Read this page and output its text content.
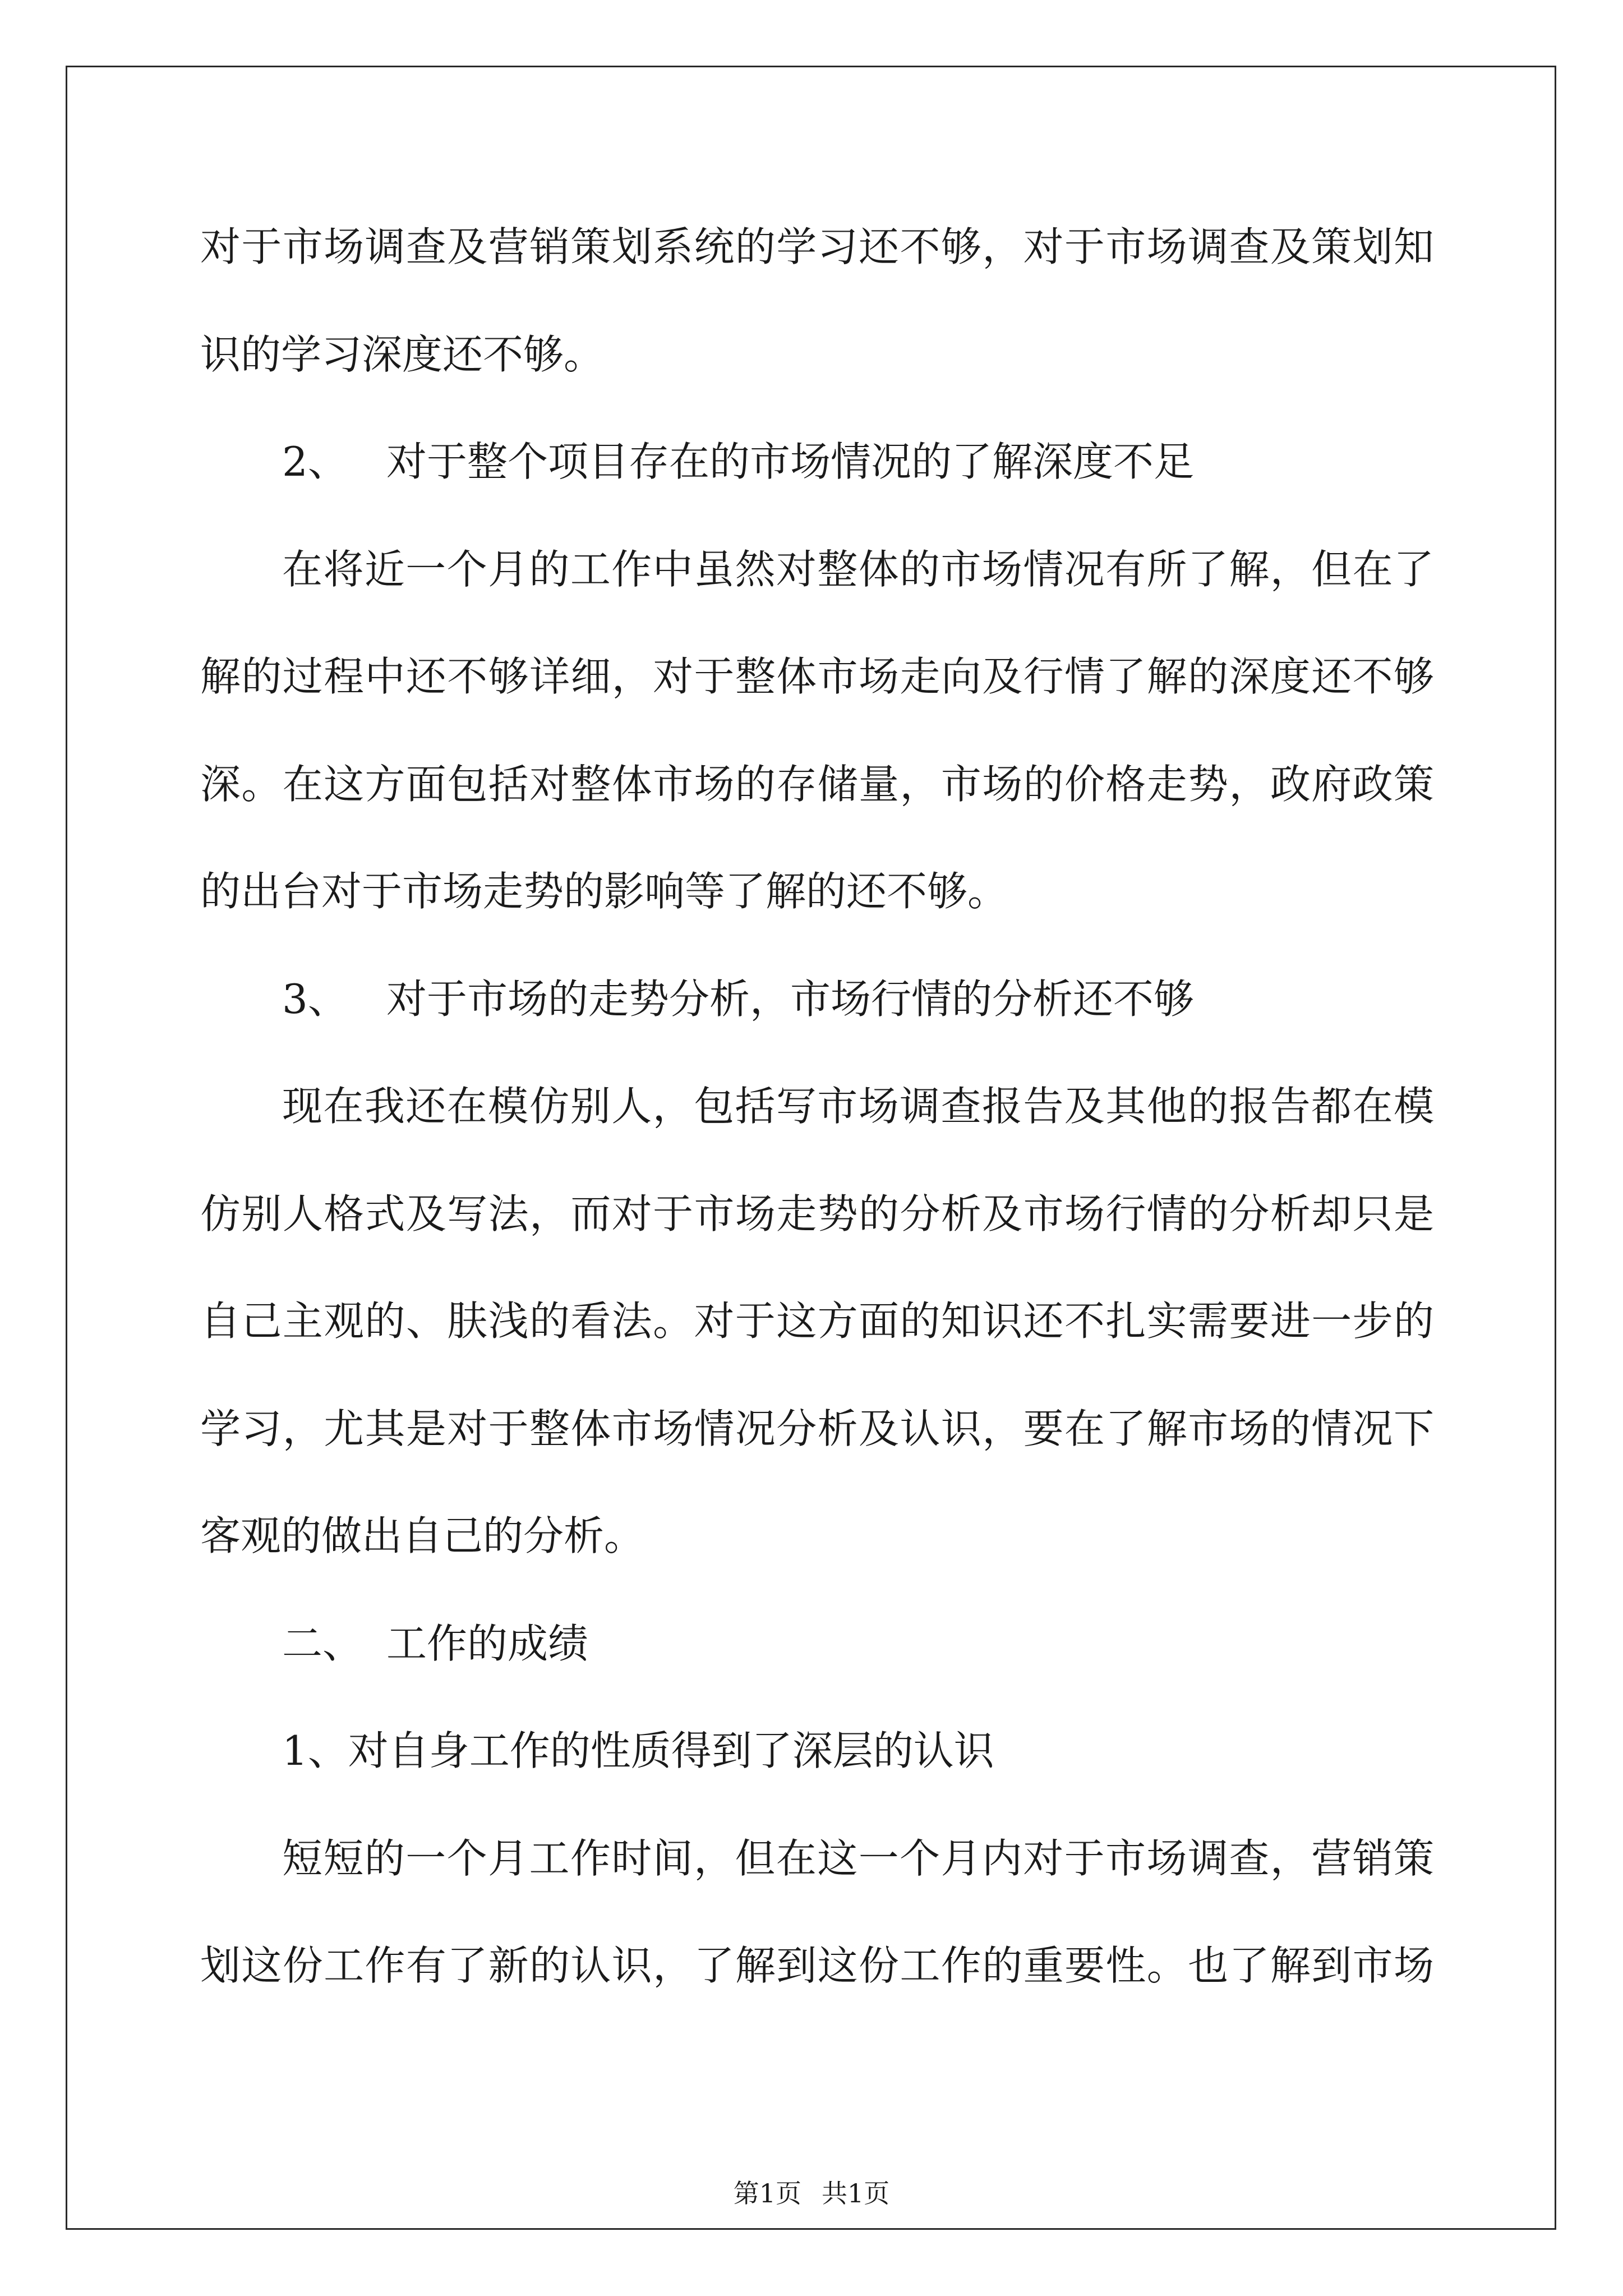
对于市场调查及营销策划系统的学习还不够，对于市场调查及策划知
识的学习深度还不够。
2、 对于整个项目存在的市场情况的了解深度不足
在将近一个月的工作中虽然对整体的市场情况有所了解，但在了
解的过程中还不够详细，对于整体市场走向及行情了解的深度还不够
深。在这方面包括对整体市场的存储量，市场的价格走势，政府政策
的出台对于市场走势的影响等了解的还不够。
3、 对于市场的走势分析，市场行情的分析还不够
现在我还在模仿别人，包括写市场调查报告及其他的报告都在模
仿别人格式及写法，而对于市场走势的分析及市场行情的分析却只是
自己主观的、肤浅的看法。对于这方面的知识还不扎实需要进一步的
学习，尤其是对于整体市场情况分析及认识，要在了解市场的情况下
客观的做出自己的分析。
二、 工作的成绩
1、对自身工作的性质得到了深层的认识
短短的一个月工作时间，但在这一个月内对于市场调查，营销策
划这份工作有了新的认识，了解到这份工作的重要性。也了解到市场
第1页 共1页
